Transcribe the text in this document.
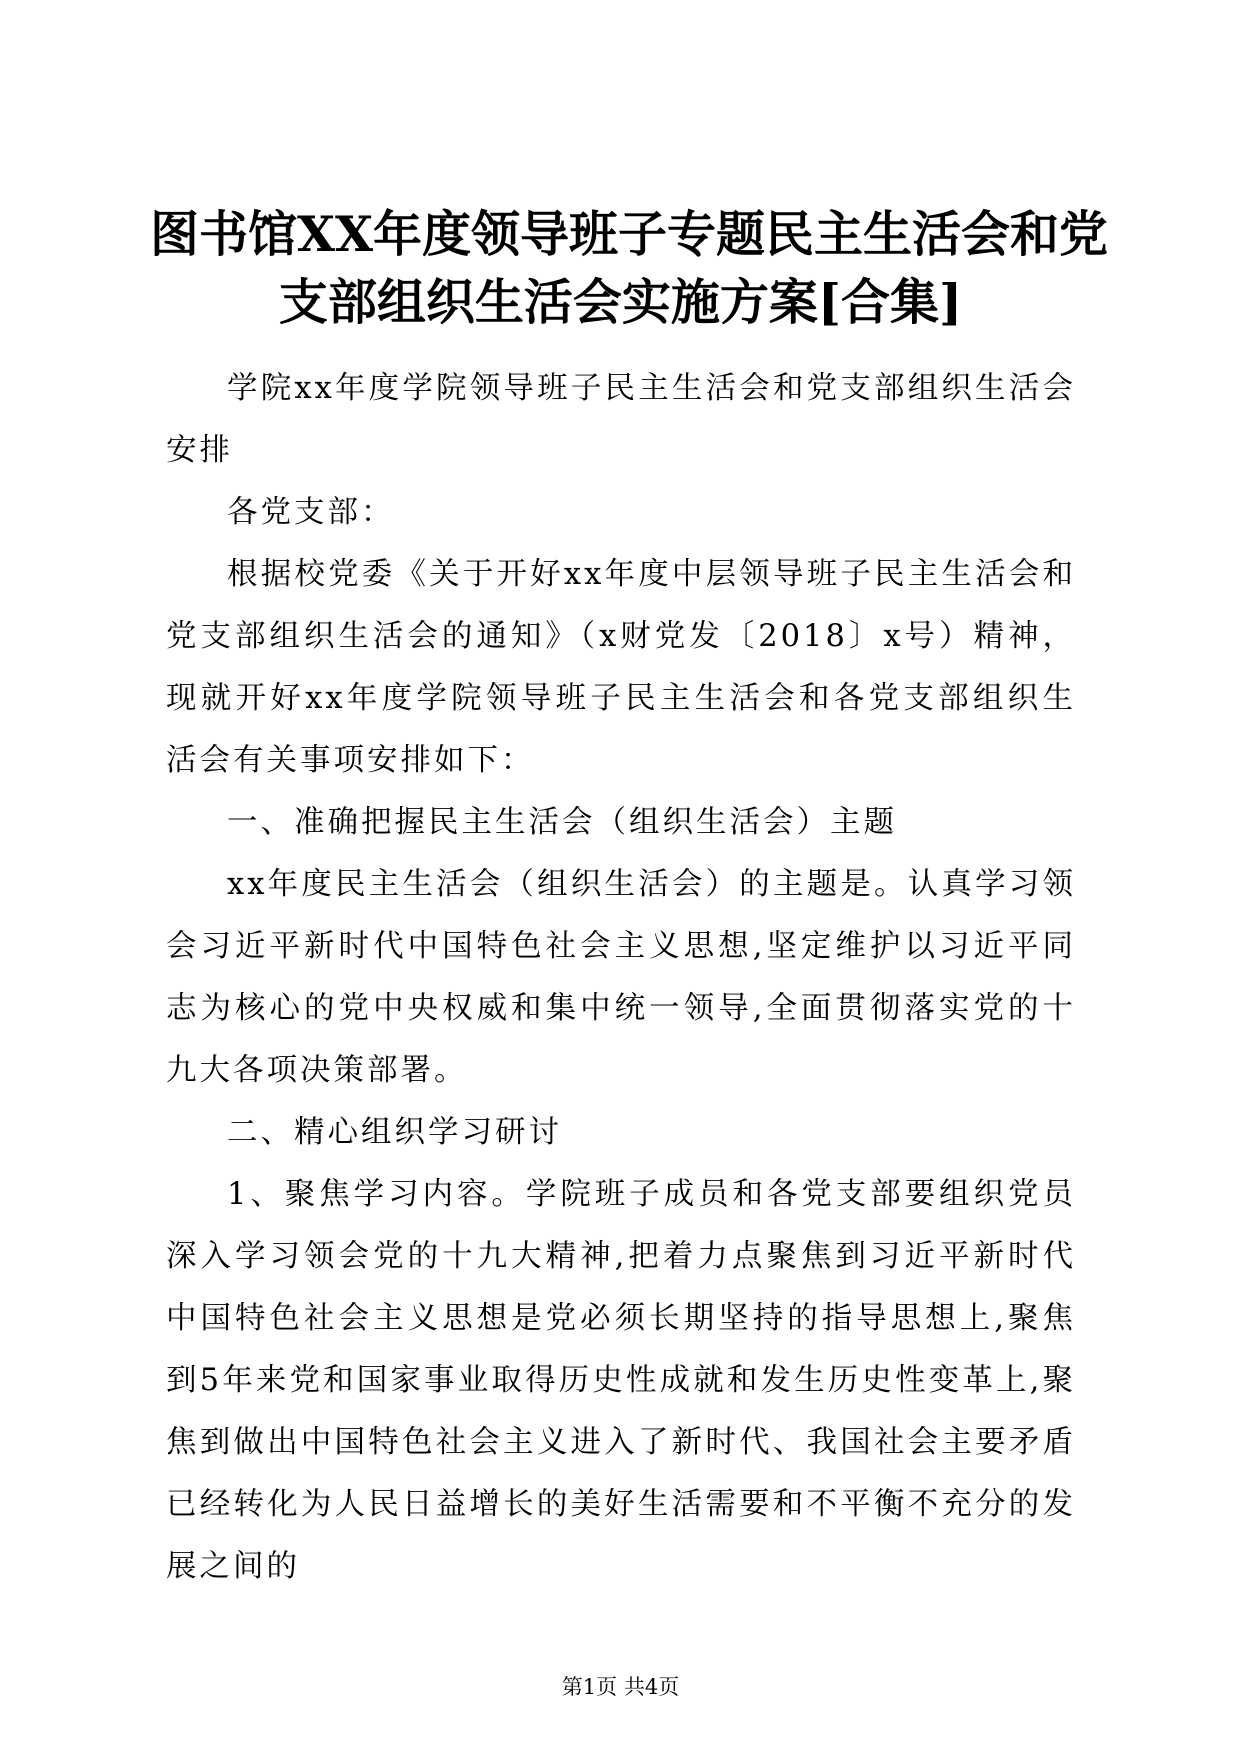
图书馆XX年度领导班子专题民主生活会和党
支部组织生活会实施方案[合集]

学院xx年度学院领导班子民主生活会和党支部组织生活会安排

各党支部：

根据校党委《关于开好xx年度中层领导班子民主生活会和党支部组织生活会的通知》（x财党发〔2018〕x号）精神，现就开好xx年度学院领导班子民主生活会和各党支部组织生活会有关事项安排如下：

一、准确把握民主生活会（组织生活会）主题

xx年度民主生活会（组织生活会）的主题是。认真学习领会习近平新时代中国特色社会主义思想,坚定维护以习近平同志为核心的党中央权威和集中统一领导,全面贯彻落实党的十九大各项决策部署。

二、精心组织学习研讨

1、聚焦学习内容。学院班子成员和各党支部要组织党员深入学习领会党的十九大精神,把着力点聚焦到习近平新时代中国特色社会主义思想是党必须长期坚持的指导思想上,聚焦到5年来党和国家事业取得历史性成就和发生历史性变革上,聚焦到做出中国特色社会主义进入了新时代、我国社会主要矛盾已经转化为人民日益增长的美好生活需要和不平衡不充分的发展之间的

第1页 共4页
